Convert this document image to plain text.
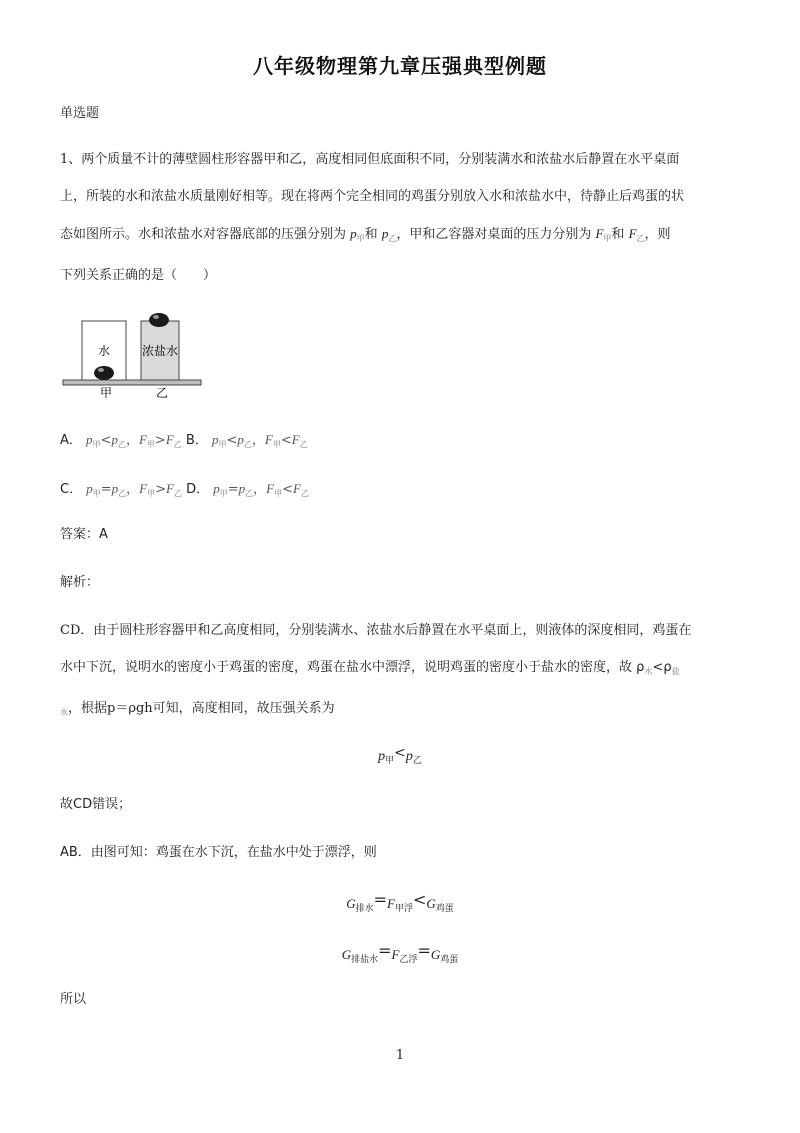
八年级物理第九章压强典型例题
单选题
1、两个质量不计的薄壁圆柱形容器甲和乙，高度相同但底面积不同，分别装满水和浓盐水后静置在水平桌面
上，所装的水和浓盐水质量刚好相等。现在将两个完全相同的鸡蛋分别放入水和浓盐水中，待静止后鸡蛋的状
态如图所示。水和浓盐水对容器底部的压强分别为 $p_甲$和 $p_乙$，甲和乙容器对桌面的压力分别为 $F_甲$和 $F_乙$，则
下列关系正确的是（　　）
水	浓盐水
甲	乙
A． $p_甲<p_乙$，$F_甲>F_乙$ B． $p_甲<p_乙$，$F_甲<F_乙$
C． $p_甲=p_乙$，$F_甲>F_乙$ D． $p_甲=p_乙$，$F_甲<F_乙$
答案：A
解析：
CD．由于圆柱形容器甲和乙高度相同，分别装满水、浓盐水后静置在水平桌面上，则液体的深度相同，鸡蛋在
水中下沉，说明水的密度小于鸡蛋的密度，鸡蛋在盐水中漂浮，说明鸡蛋的密度小于盐水的密度，故 $\rho_水<\rho_盐$
$_水$，根据p＝ρgh可知，高度相同，故压强关系为
$p_甲<p_乙$
故CD错误；
AB．由图可知：鸡蛋在水下沉，在盐水中处于漂浮，则
$G_{排水}=F_{甲浮}<G_{鸡蛋}$
$G_{排盐水}=F_{乙浮}=G_{鸡蛋}$
所以
1
